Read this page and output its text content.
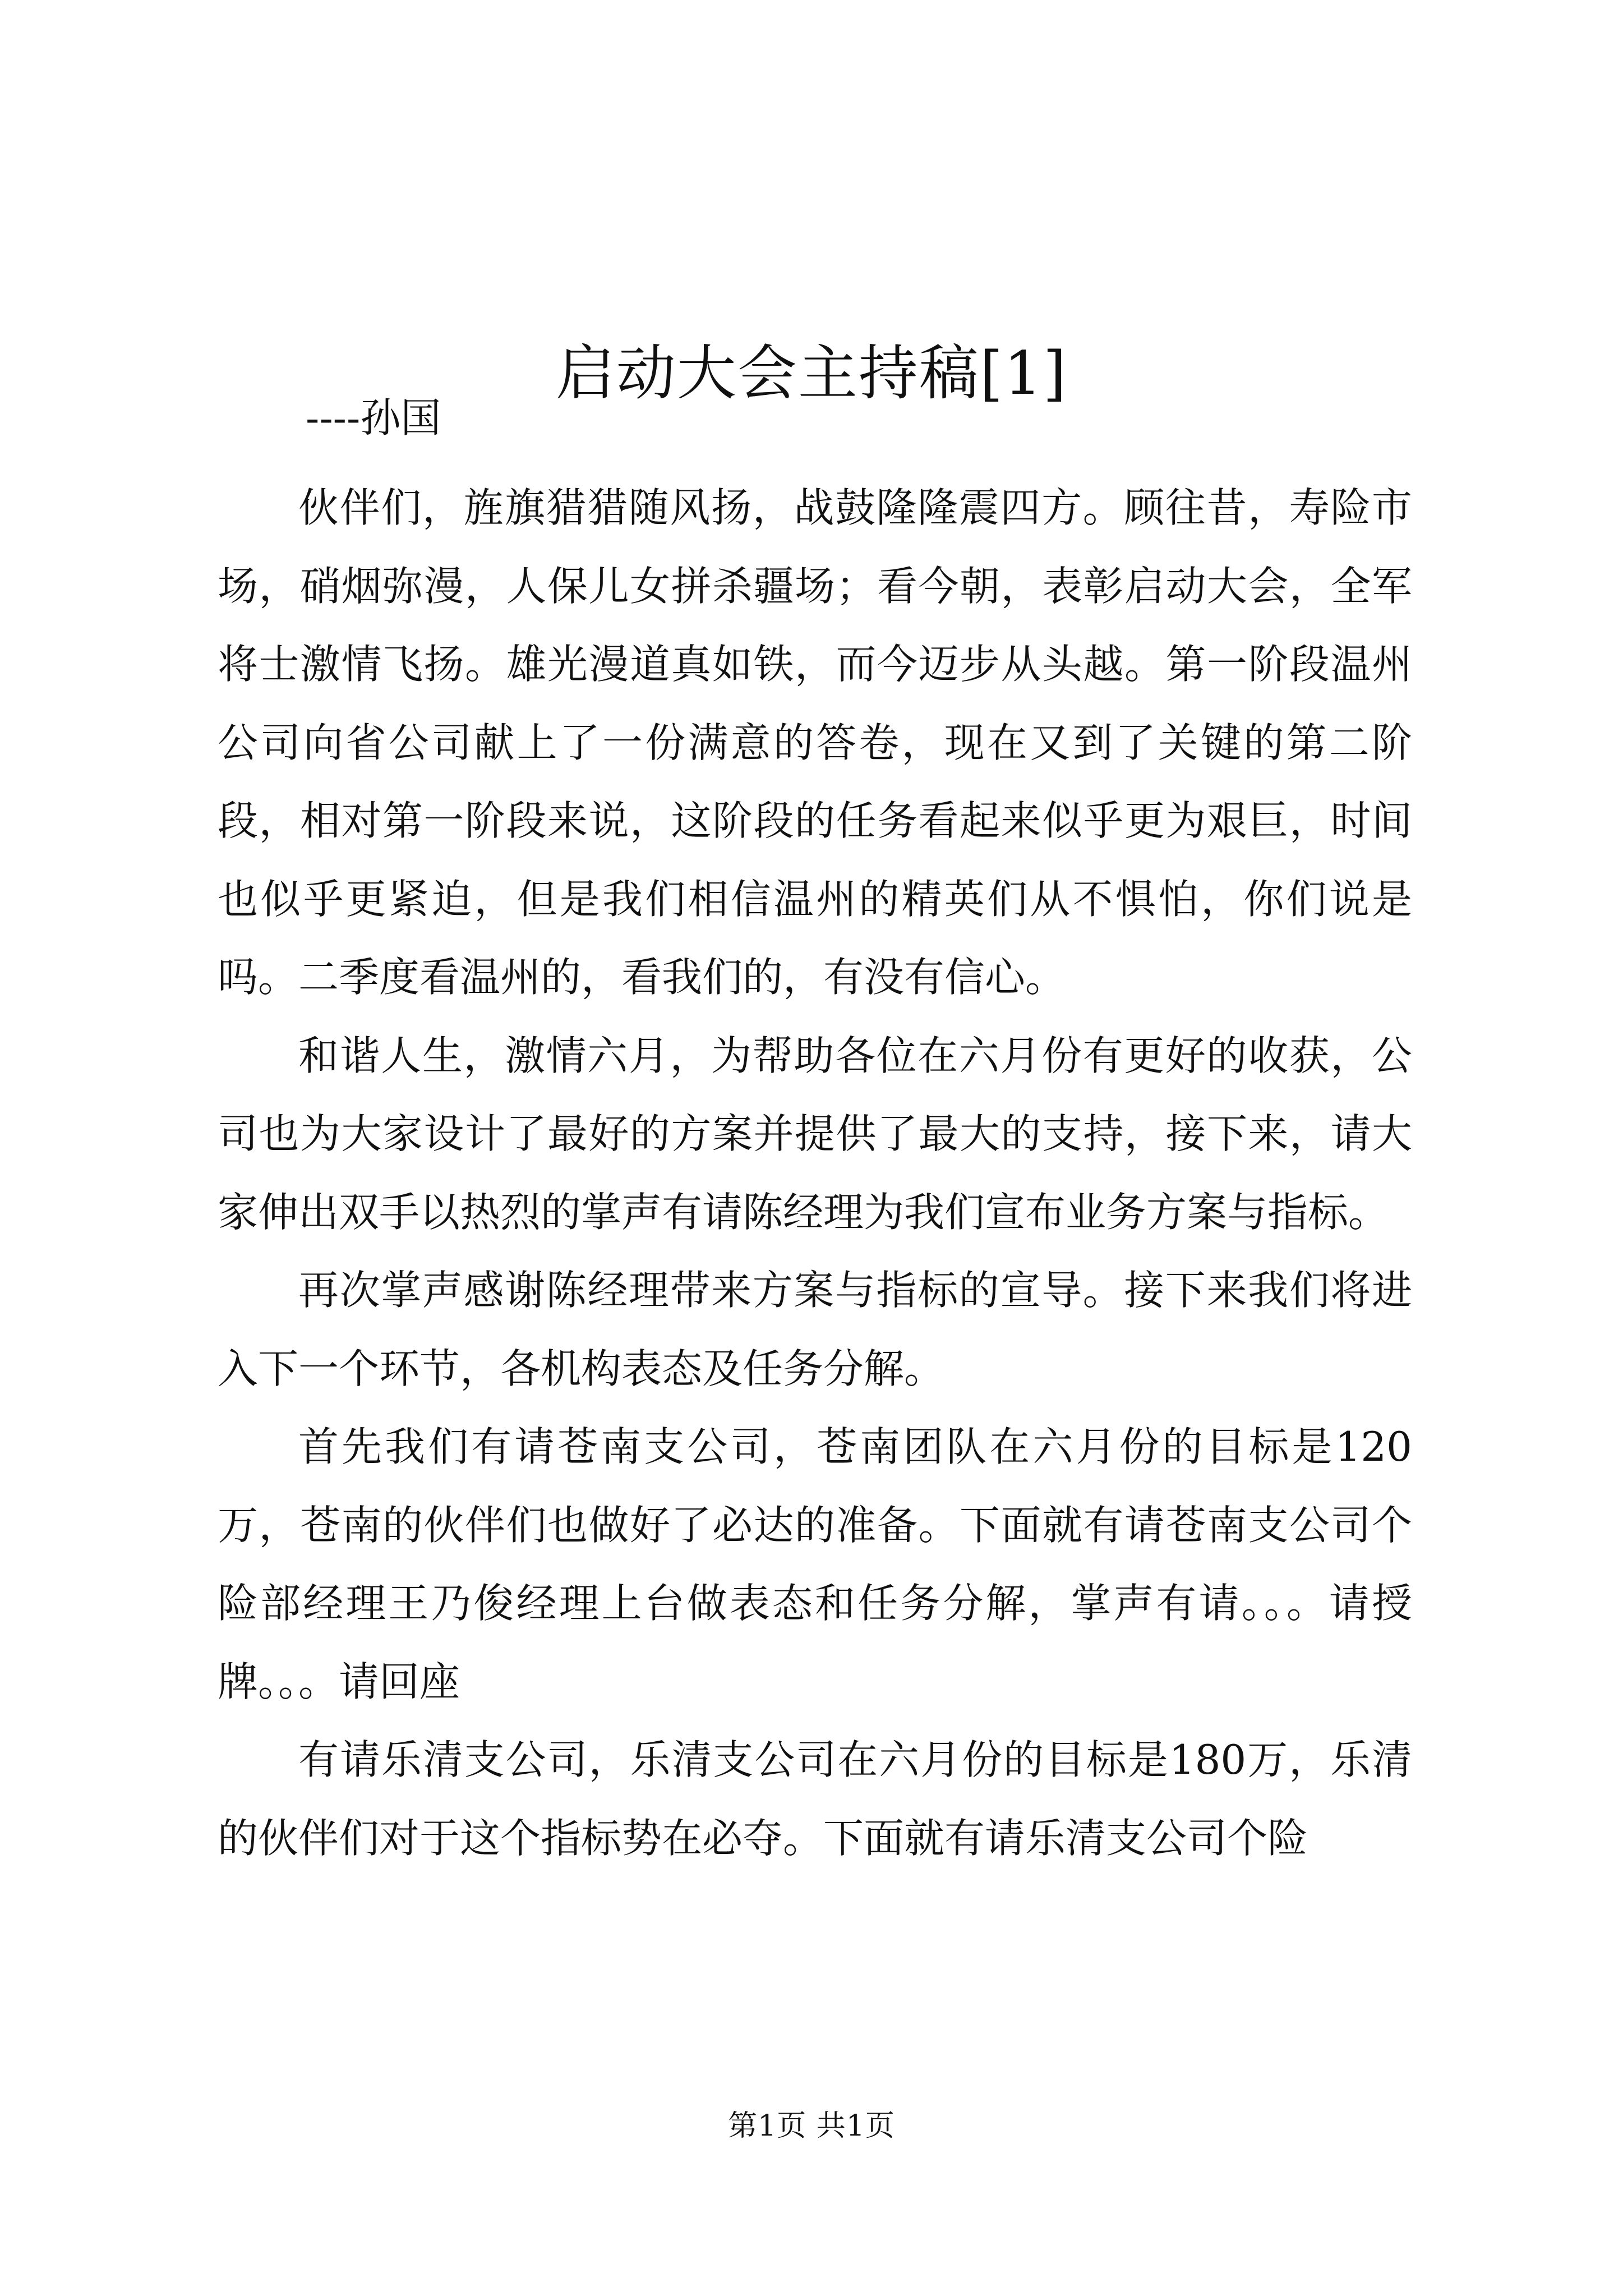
启动大会主持稿[1]
----孙国

伙伴们，旌旗猎猎随风扬，战鼓隆隆震四方。顾往昔，寿险市场，硝烟弥漫，人保儿女拼杀疆场；看今朝，表彰启动大会，全军将士激情飞扬。雄光漫道真如铁，而今迈步从头越。第一阶段温州公司向省公司献上了一份满意的答卷，现在又到了关键的第二阶段，相对第一阶段来说，这阶段的任务看起来似乎更为艰巨，时间也似乎更紧迫，但是我们相信温州的精英们从不惧怕，你们说是吗。二季度看温州的，看我们的，有没有信心。

和谐人生，激情六月，为帮助各位在六月份有更好的收获，公司也为大家设计了最好的方案并提供了最大的支持，接下来，请大家伸出双手以热烈的掌声有请陈经理为我们宣布业务方案与指标。

再次掌声感谢陈经理带来方案与指标的宣导。接下来我们将进入下一个环节，各机构表态及任务分解。

首先我们有请苍南支公司，苍南团队在六月份的目标是120万，苍南的伙伴们也做好了必达的准备。下面就有请苍南支公司个险部经理王乃俊经理上台做表态和任务分解，掌声有请。。。请授牌。。。请回座

有请乐清支公司，乐清支公司在六月份的目标是180万，乐清的伙伴们对于这个指标势在必夺。下面就有请乐清支公司个险

第1页 共1页
